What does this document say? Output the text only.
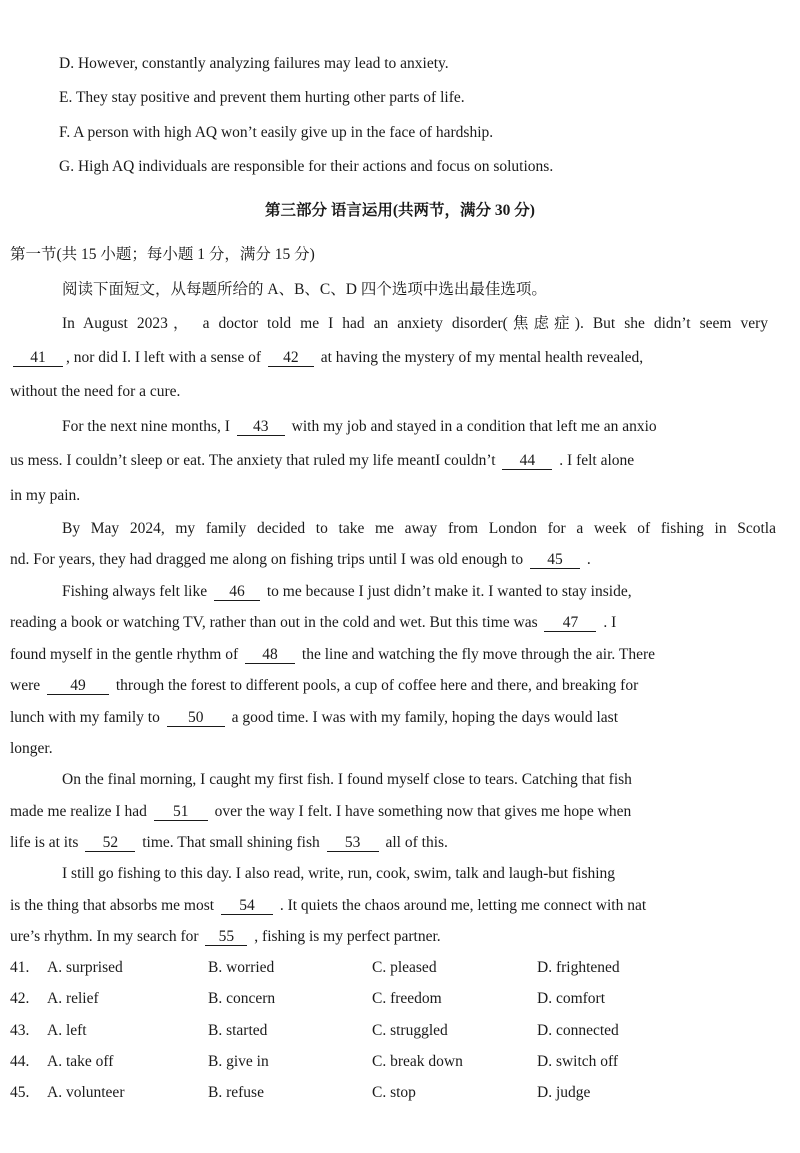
D. However, constantly analyzing failures may lead to anxiety.
E. They stay positive and prevent them hurting other parts of life.
F. A person with high AQ won’t easily give up in the face of hardship.
G. High AQ individuals are responsible for their actions and focus on solutions.
第三部分 语言运用(共两节，满分 30 分)
第一节(共 15 小题；每小题 1 分，满分 15 分)
阅读下面短文，从每题所给的 A、B、C、D 四个选项中选出最佳选项。
In August 2023， a doctor told me I had an anxiety disorder(焦虑症). But she didn’t seem very
41 , nor did I. I left with a sense of 42 at having the mystery of my mental health revealed,
without the need for a cure.
For the next nine months, I 43 with my job and stayed in a condition that left me an anxio
us mess. I couldn’t sleep or eat. The anxiety that ruled my life meantI couldn’t 44 . I felt alone
in my pain.
By May 2024, my family decided to take me away from London for a week of fishing in Scotla
nd. For years, they had dragged me along on fishing trips until I was old enough to 45 .
Fishing always felt like 46 to me because I just didn’t make it. I wanted to stay inside,
reading a book or watching TV, rather than out in the cold and wet. But this time was 47 . I
found myself in the gentle rhythm of 48 the line and watching the fly move through the air. There
were 49 through the forest to different pools, a cup of coffee here and there, and breaking for
lunch with my family to 50 a good time. I was with my family, hoping the days would last
longer.
On the final morning, I caught my first fish. I found myself close to tears. Catching that fish
made me realize I had 51 over the way I felt. I have something now that gives me hope when
life is at its 52 time. That small shining fish 53 all of this.
I still go fishing to this day. I also read, write, run, cook, swim, talk and laugh-but fishing
is the thing that absorbs me most 54 . It quiets the chaos around me, letting me connect with nat
ure’s rhythm. In my search for 55 , fishing is my perfect partner.
41. A. surprised	B. worried	C. pleased	D. frightened
42. A. relief	B. concern	C. freedom	D. comfort
43. A. left	B. started	C. struggled	D. connected
44. A. take off	B. give in	C. break down	D. switch off
45. A. volunteer	B. refuse	C. stop	D. judge
